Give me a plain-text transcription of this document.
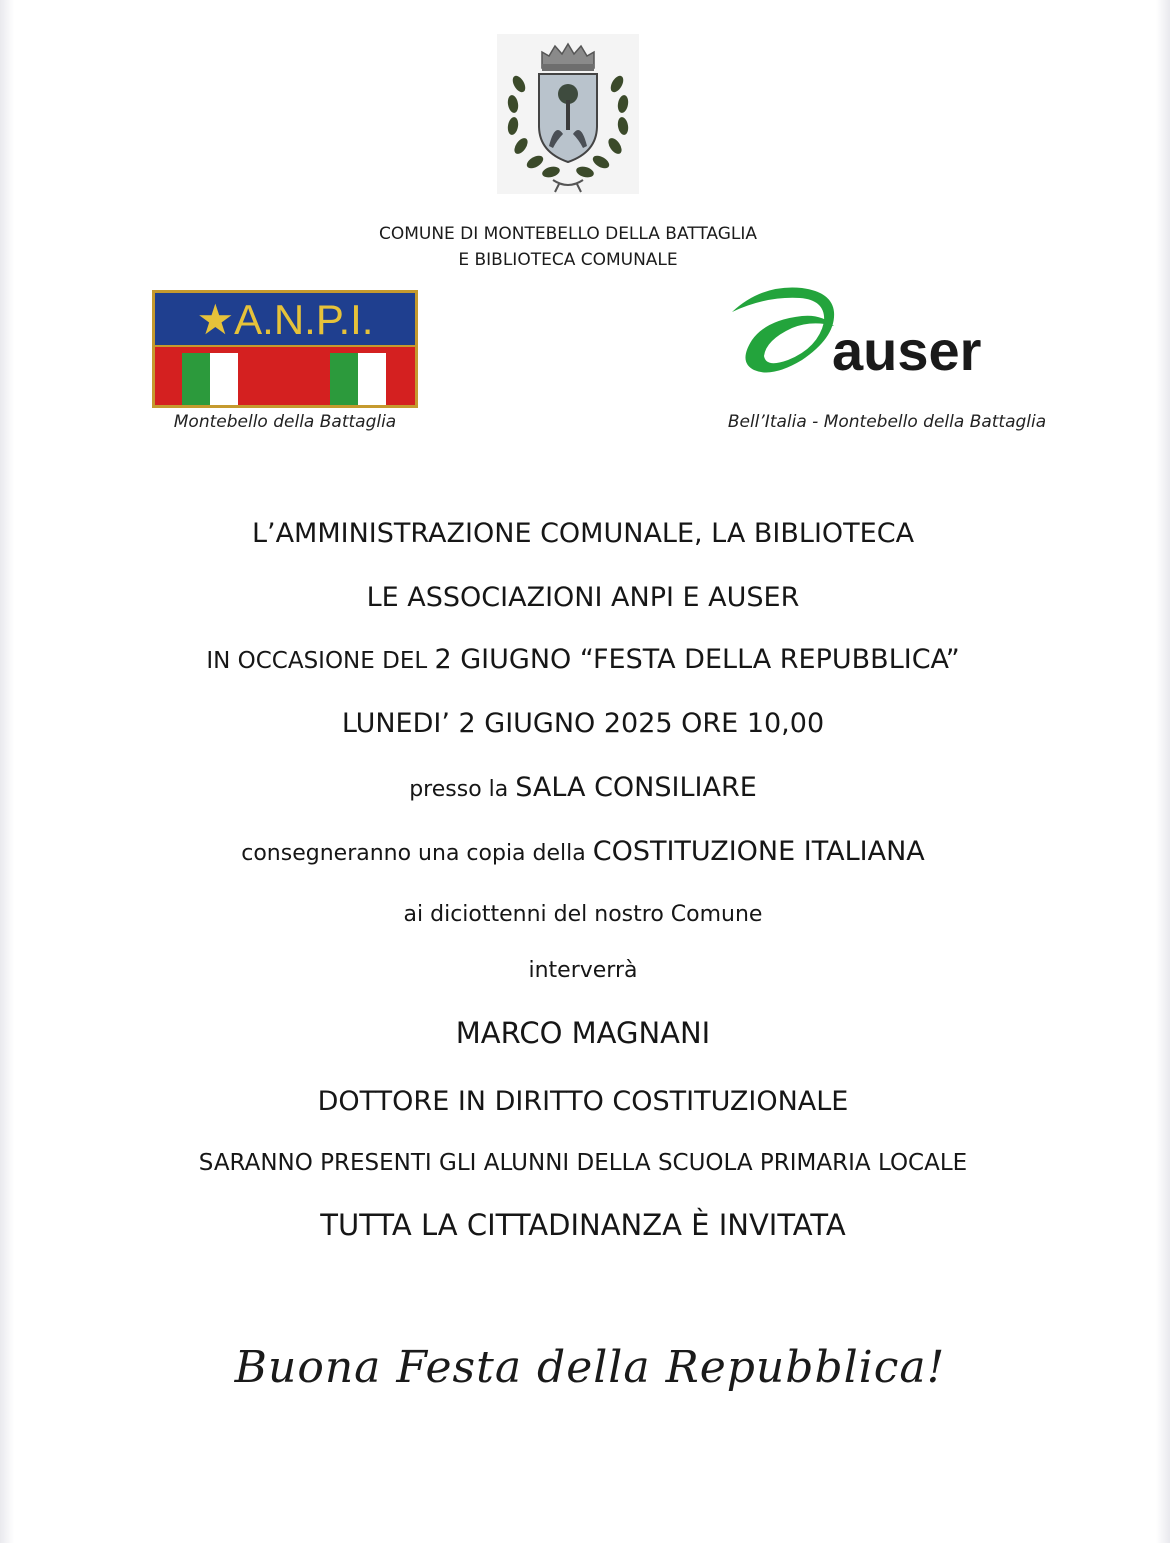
COMUNE DI MONTEBELLO DELLA BATTAGLIA
E BIBLIOTECA COMUNALE
★A.N.P.I.
Montebello della Battaglia
auser
Bell’Italia - Montebello della Battaglia
L’AMMINISTRAZIONE COMUNALE, LA BIBLIOTECA
LE ASSOCIAZIONI ANPI E AUSER
IN OCCASIONE DEL 2 GIUGNO “FESTA DELLA REPUBBLICA”
LUNEDI’ 2 GIUGNO 2025 ORE 10,00
presso la SALA CONSILIARE
consegneranno una copia della COSTITUZIONE ITALIANA
ai diciottenni del nostro Comune
interverrà
MARCO MAGNANI
DOTTORE IN DIRITTO COSTITUZIONALE
SARANNO PRESENTI GLI ALUNNI DELLA SCUOLA PRIMARIA LOCALE
TUTTA LA CITTADINANZA È INVITATA
Buona Festa della Repubblica!
